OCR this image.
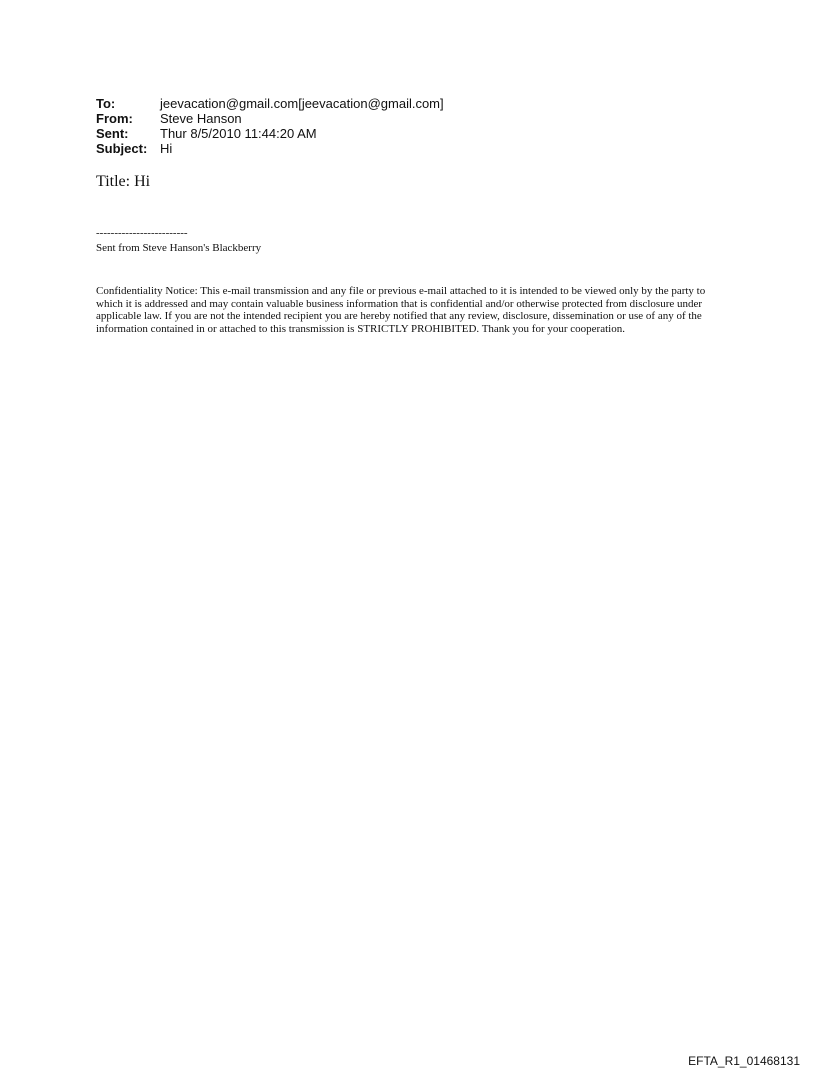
To:	jeevacation@gmail.com[jeevacation@gmail.com]
From:	Steve Hanson
Sent:	Thur 8/5/2010 11:44:20 AM
Subject: Hi
Title: Hi
-------------------------
Sent from Steve Hanson's Blackberry
Confidentiality Notice: This e-mail transmission and any file or previous e-mail attached to it is intended to be viewed only by the party to which it is addressed and may contain valuable business information that is confidential and/or otherwise protected from disclosure under applicable law. If you are not the intended recipient you are hereby notified that any review, disclosure, dissemination or use of any of the information contained in or attached to this transmission is STRICTLY PROHIBITED. Thank you for your cooperation.
EFTA_R1_01468131
